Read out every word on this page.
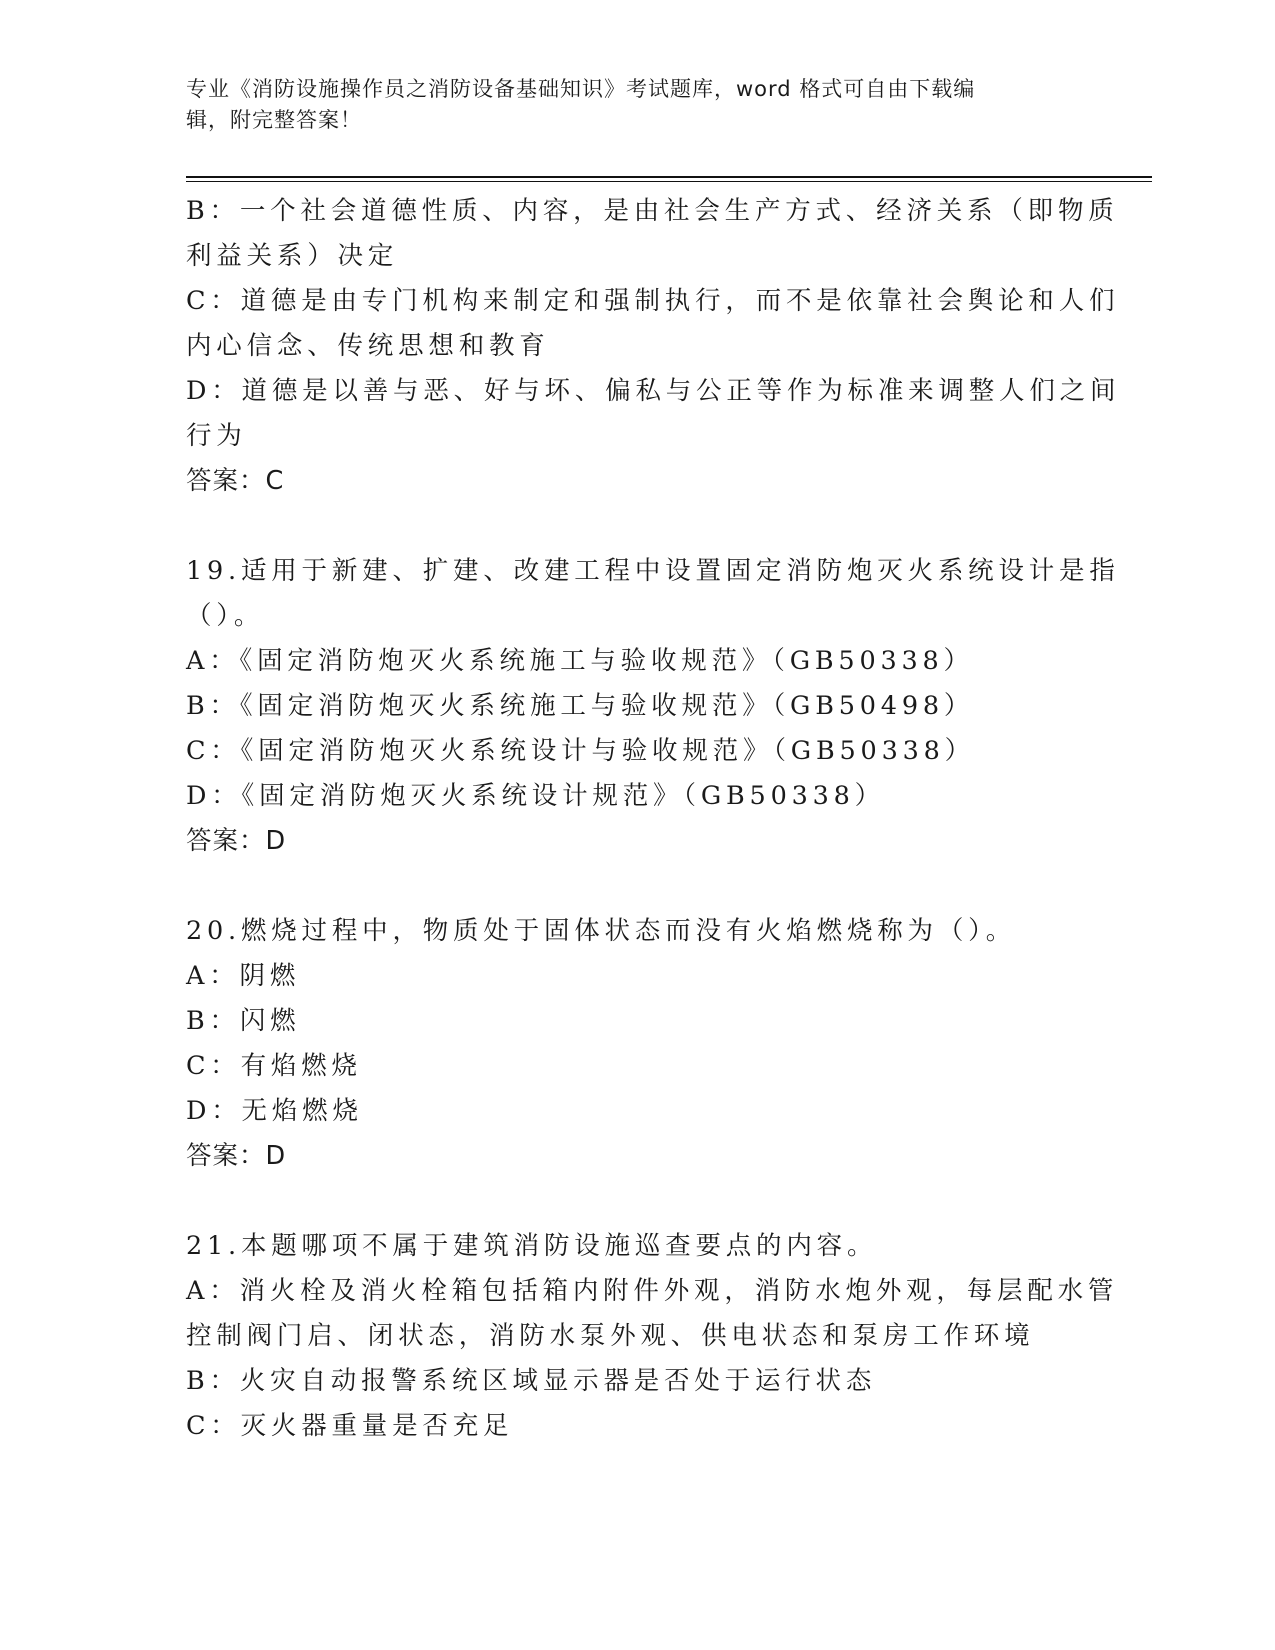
专业《消防设施操作员之消防设备基础知识》考试题库，word 格式可自由下载编
辑，附完整答案！
B：一个社会道德性质、内容，是由社会生产方式、经济关系（即物质
利益关系）决定
C：道德是由专门机构来制定和强制执行，而不是依靠社会舆论和人们
内心信念、传统思想和教育
D：道德是以善与恶、好与坏、偏私与公正等作为标准来调整人们之间
行为
答案：C
19.适用于新建、扩建、改建工程中设置固定消防炮灭火系统设计是指
（）。
A：《固定消防炮灭火系统施工与验收规范》（GB50338）
B：《固定消防炮灭火系统施工与验收规范》（GB50498）
C：《固定消防炮灭火系统设计与验收规范》（GB50338）
D：《固定消防炮灭火系统设计规范》（GB50338）
答案：D
20.燃烧过程中，物质处于固体状态而没有火焰燃烧称为（）。
A：阴燃
B：闪燃
C：有焰燃烧
D：无焰燃烧
答案：D
21.本题哪项不属于建筑消防设施巡查要点的内容。
A：消火栓及消火栓箱包括箱内附件外观，消防水炮外观，每层配水管
控制阀门启、闭状态，消防水泵外观、供电状态和泵房工作环境
B：火灾自动报警系统区域显示器是否处于运行状态
C：灭火器重量是否充足
